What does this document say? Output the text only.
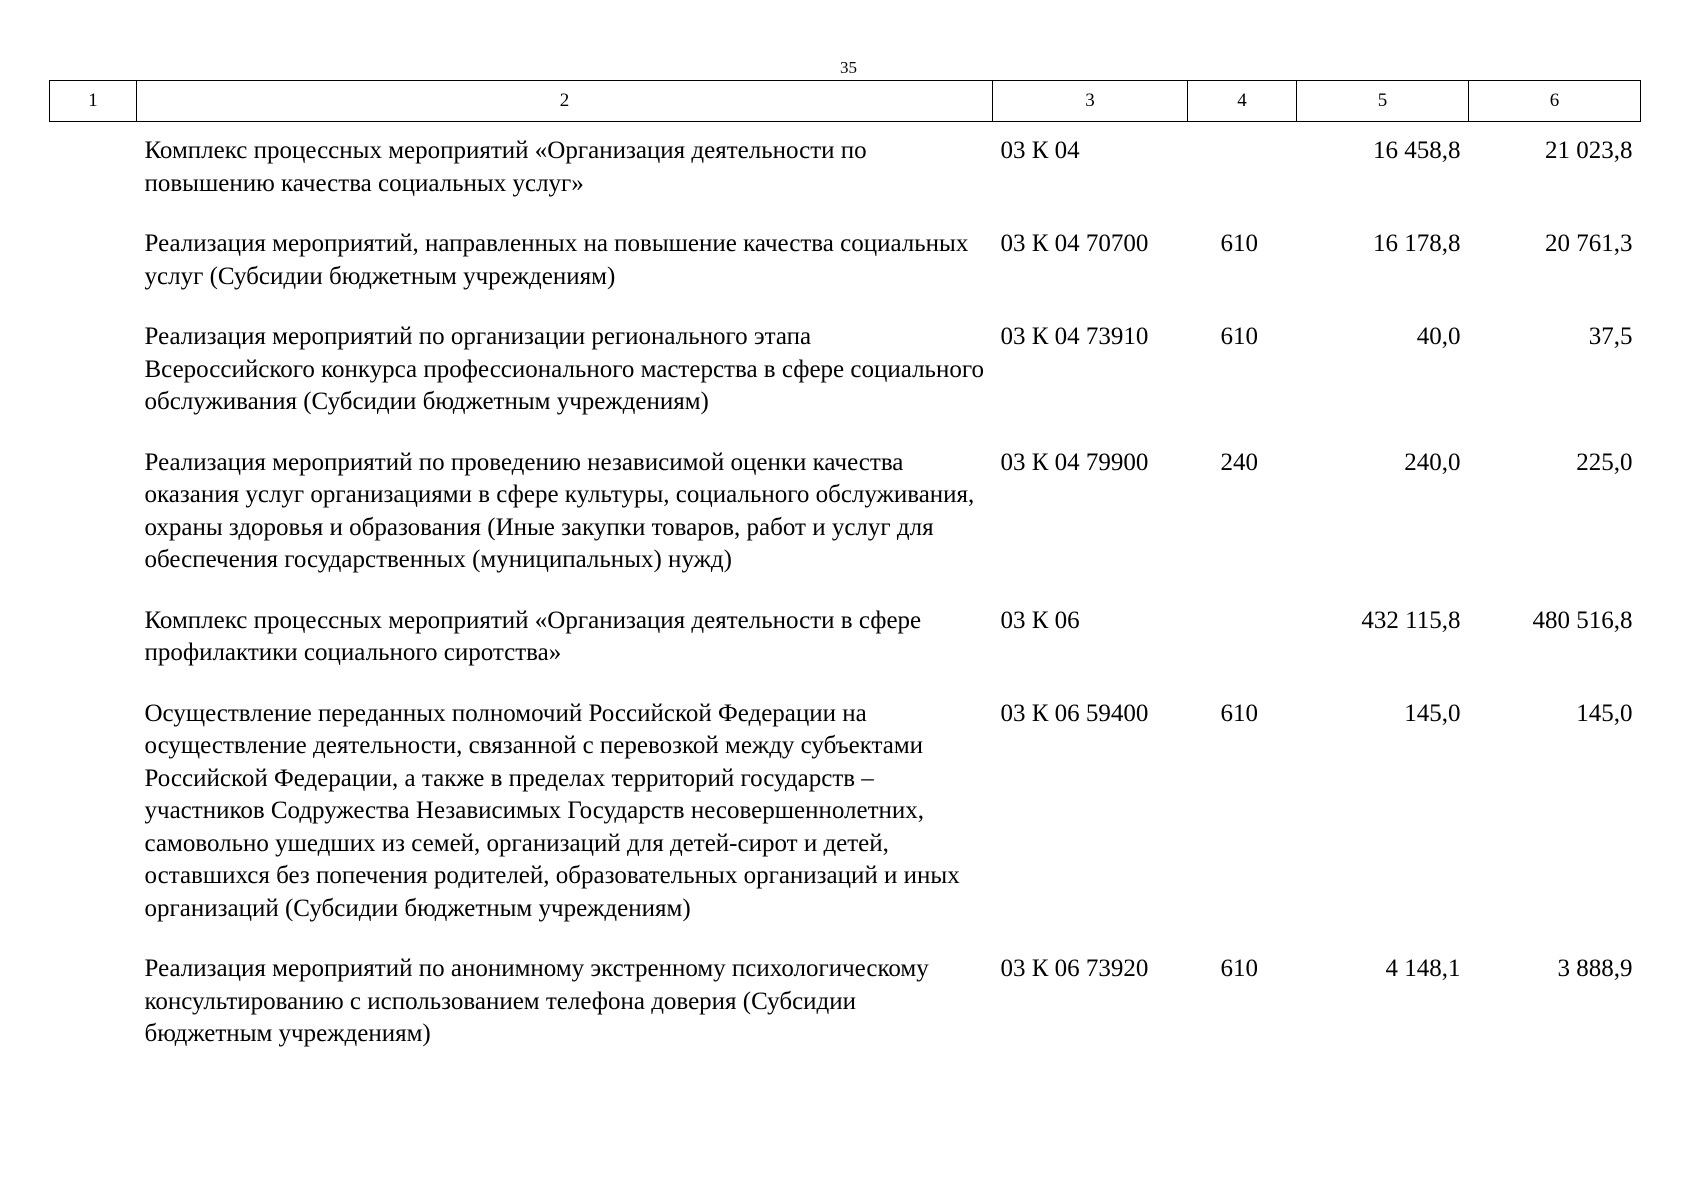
35
1	2	3	4	5	6
	Комплекс процессных мероприятий «Организация деятельности по повышению качества социальных услуг»	03 К 04		16 458,8	21 023,8
	Реализация мероприятий, направленных на повышение качества социальных услуг (Субсидии бюджетным учреждениям)	03 К 04 70700	610	16 178,8	20 761,3
	Реализация мероприятий по организации регионального этапа Всероссийского конкурса профессионального мастерства в сфере социального обслуживания (Субсидии бюджетным учреждениям)	03 К 04 73910	610	40,0	37,5
	Реализация мероприятий по проведению независимой оценки качества оказания услуг организациями в сфере культуры, социального обслуживания, охраны здоровья и образования (Иные закупки товаров, работ и услуг для обеспечения государственных (муниципальных) нужд)	03 К 04 79900	240	240,0	225,0
	Комплекс процессных мероприятий «Организация деятельности в сфере профилактики социального сиротства»	03 К 06		432 115,8	480 516,8
	Осуществление переданных полномочий Российской Федерации на осуществление деятельности, связанной с перевозкой между субъектами Российской Федерации, а также в пределах территорий государств – участников Содружества Независимых Государств несовершеннолетних, самовольно ушедших из семей, организаций для детей-сирот и детей, оставшихся без попечения родителей, образовательных организаций и иных организаций (Субсидии бюджетным учреждениям)	03 К 06 59400	610	145,0	145,0
	Реализация мероприятий по анонимному экстренному психологическому консультированию с использованием телефона доверия (Субсидии бюджетным учреждениям)	03 К 06 73920	610	4 148,1	3 888,9
